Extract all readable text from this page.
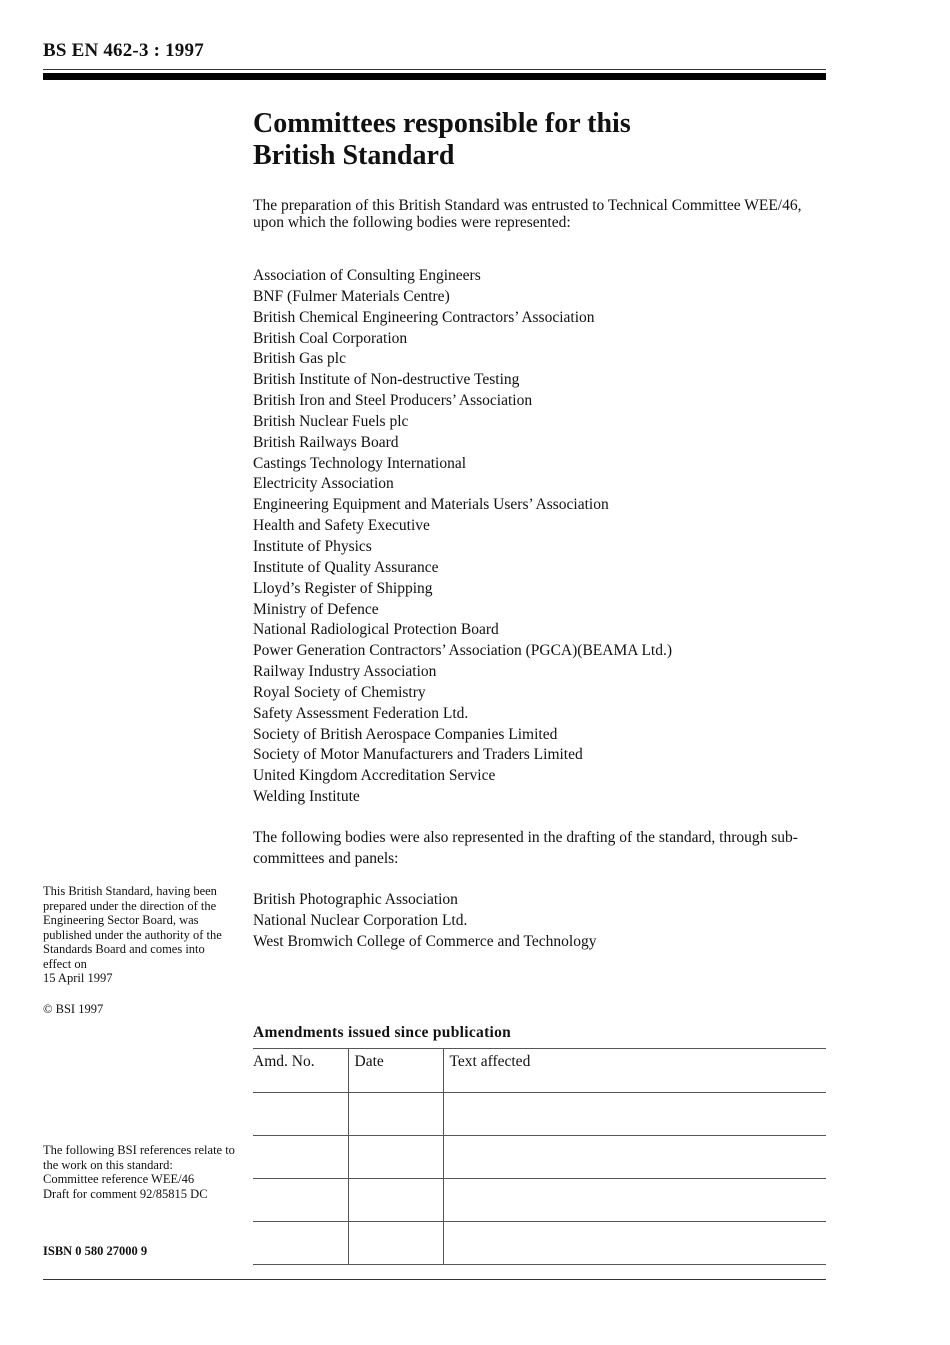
BS EN 462-3 : 1997
Committees responsible for this
British Standard
The preparation of this British Standard was entrusted to Technical Committee WEE/46, upon which the following bodies were represented:
Association of Consulting Engineers
BNF (Fulmer Materials Centre)
British Chemical Engineering Contractors’ Association
British Coal Corporation
British Gas plc
British Institute of Non-destructive Testing
British Iron and Steel Producers’ Association
British Nuclear Fuels plc
British Railways Board
Castings Technology International
Electricity Association
Engineering Equipment and Materials Users’ Association
Health and Safety Executive
Institute of Physics
Institute of Quality Assurance
Lloyd’s Register of Shipping
Ministry of Defence
National Radiological Protection Board
Power Generation Contractors’ Association (PGCA)(BEAMA Ltd.)
Railway Industry Association
Royal Society of Chemistry
Safety Assessment Federation Ltd.
Society of British Aerospace Companies Limited
Society of Motor Manufacturers and Traders Limited
United Kingdom Accreditation Service
Welding Institute
The following bodies were also represented in the drafting of the standard, through sub-committees and panels:
British Photographic Association
National Nuclear Corporation Ltd.
West Bromwich College of Commerce and Technology
This British Standard, having been prepared under the direction of the Engineering Sector Board, was published under the authority of the Standards Board and comes into effect on
15 April 1997
© BSI 1997
The following BSI references relate to the work on this standard:
Committee reference WEE/46
Draft for comment 92/85815 DC
ISBN 0 580 27000 9
Amendments issued since publication
Amd. No.	Date	Text affected
